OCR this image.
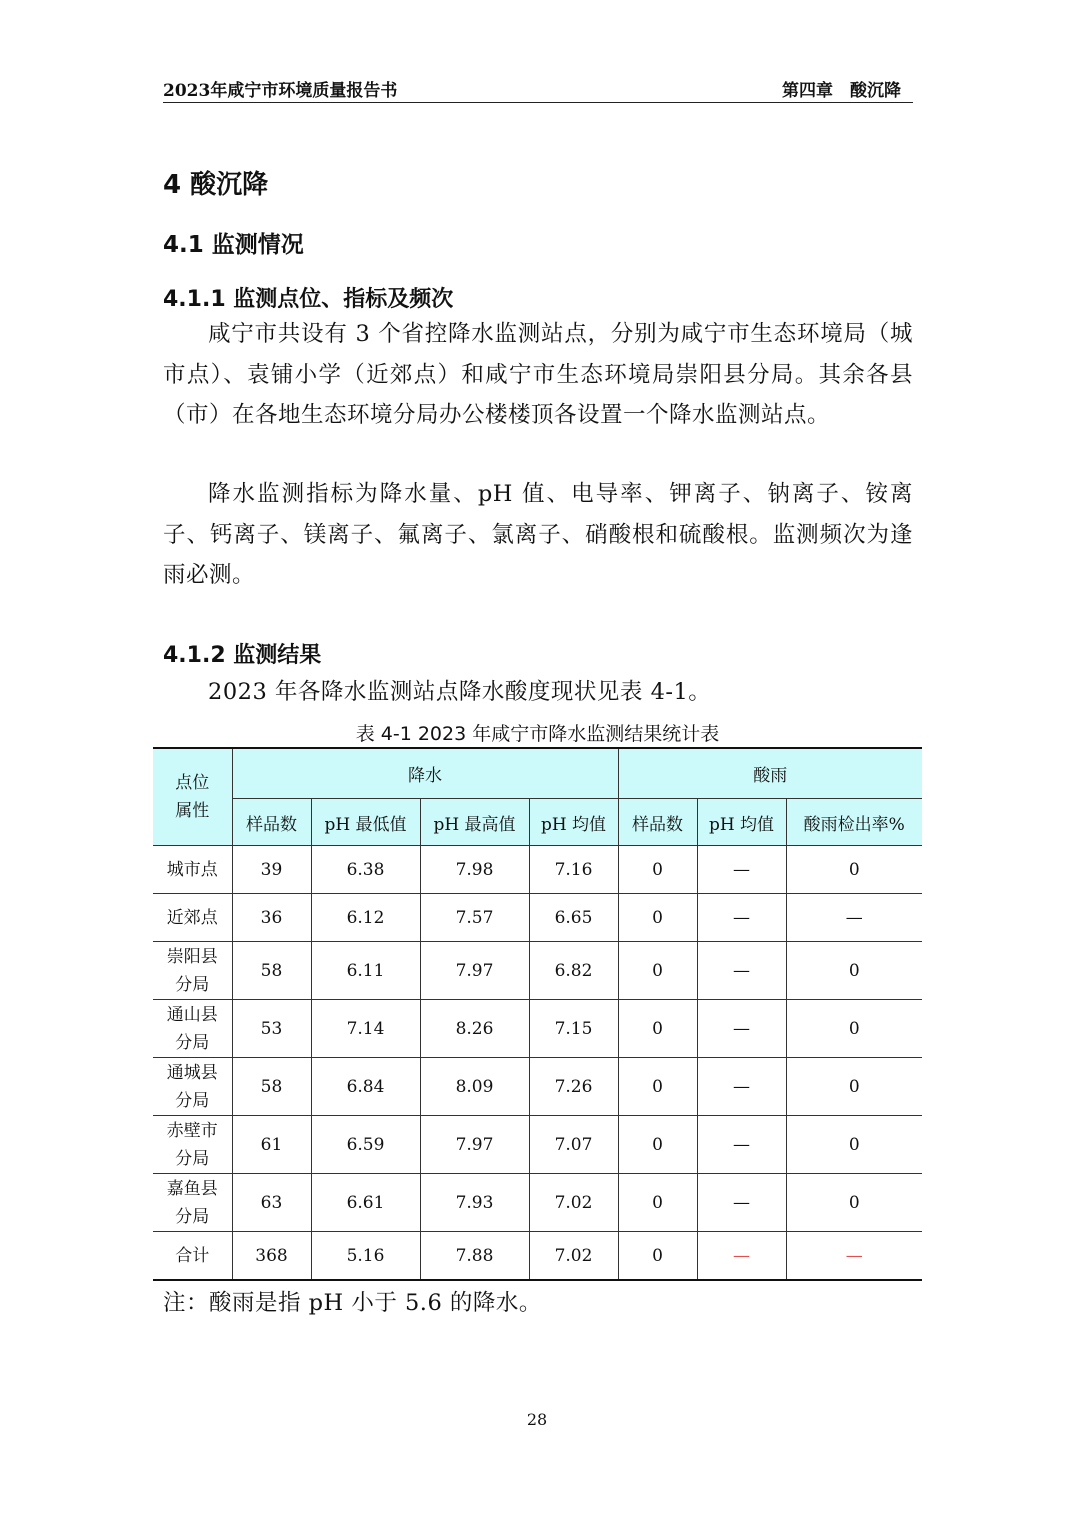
2023年咸宁市环境质量报告书	第四章　酸沉降
4 酸沉降
4.1 监测情况
4.1.1 监测点位、指标及频次
咸宁市共设有 3 个省控降水监测站点，分别为咸宁市生态环境局（城市点）、袁铺小学（近郊点）和咸宁市生态环境局崇阳县分局。其余各县（市）在各地生态环境分局办公楼楼顶各设置一个降水监测站点。
降水监测指标为降水量、pH 值、电导率、钾离子、钠离子、铵离子、钙离子、镁离子、氟离子、氯离子、硝酸根和硫酸根。监测频次为逢雨必测。
4.1.2 监测结果
2023 年各降水监测站点降水酸度现状见表 4-1。
表 4-1 2023 年咸宁市降水监测结果统计表
点位
属性	降水				酸雨		
	样品数	pH 最低值	pH 最高值	pH 均值	样品数	pH 均值	酸雨检出率%

城市点	39	6.38	7.98	7.16	0	—	0

近郊点	36	6.12	7.57	6.65	0	—	—

崇阳县
分局	58	6.11	7.97	6.82	0	—	0

通山县
分局	53	7.14	8.26	7.15	0	—	0

通城县
分局	58	6.84	8.09	7.26	0	—	0

赤壁市
分局	61	6.59	7.97	7.07	0	—	0

嘉鱼县
分局	63	6.61	7.93	7.02	0	—	0

合计	368	5.16	7.88	7.02	0	—	—
注：酸雨是指 pH 小于 5.6 的降水。
28
